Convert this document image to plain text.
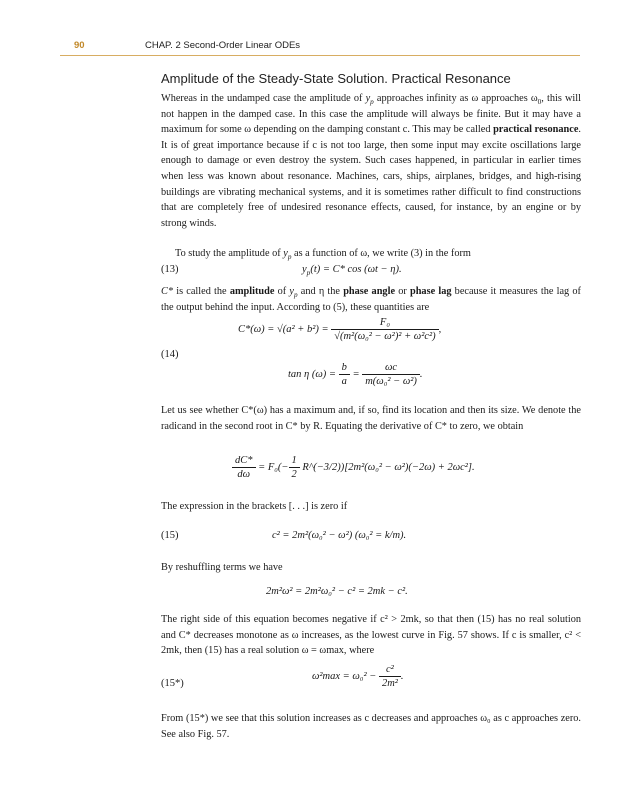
90	CHAP. 2 Second-Order Linear ODEs
Amplitude of the Steady-State Solution. Practical Resonance

Whereas in the undamped case the amplitude of $y_p$ approaches infinity as ω approaches $\omega_0$, this will not happen in the damped case. In this case the amplitude will always be finite. But it may have a maximum for some ω depending on the damping constant c. This may be called practical resonance. It is of great importance because if c is not too large, then some input may excite oscillations large enough to damage or even destroy the system. Such cases happened, in particular in earlier times when less was known about resonance. Machines, cars, ships, airplanes, bridges, and high-rising buildings are vibrating mechanical systems, and it is sometimes rather difficult to find constructions that are completely free of undesired resonance effects, caused, for instance, by an engine or by strong winds.

To study the amplitude of $y_p$ as a function of ω, we write (3) in the form

(13)	$y_p(t) = C*$ cos (ωt − η).

C* is called the amplitude of $y_p$ and η the phase angle or phase lag because it measures the lag of the output behind the input. According to (5), these quantities are

(14)
$C*(\omega) = √(a^2 + b^2) = \frac{\text{F₀}}{\text{√(m²(ω₀² − ω²)² + ω²c²)}}$ ,
tan η $(\omega) = \frac{b}{a} = \frac{\omega c}{\text{m(ω₀² − ω²)}}$ .

Let us see whether C*(ω) has a maximum and, if so, find its location and then its size. We denote the radicand in the second root in C* by R. Equating the derivative of C* to zero, we obtain

$\frac{dC*}{d\omega} = F_0(- \frac{1}{2}$ R^(−3/2))[2m²(ω₀² − ω²)(−2ω) + 2ωc²].

The expression in the brackets [. . .] is zero if

(15)	c² = 2m²(ω₀² − ω²) (ω₀² = k/m).

By reshuffling terms we have

2m²ω² = 2m²ω₀² − c² = 2mk − c².

The right side of this equation becomes negative if c² > 2mk, so that then (15) has no real solution and C* decreases monotone as ω increases, as the lowest curve in Fig. 57 shows. If c is smaller, c² < 2mk, then (15) has a real solution ω = ωmax, where

(15*)
$\omega^2\max = \omega_0^2 - \frac{\text{c²}}{\text{2m²}}$ .

From (15*) we see that this solution increases as c decreases and approaches ω₀ as c approaches zero. See also Fig. 57.
